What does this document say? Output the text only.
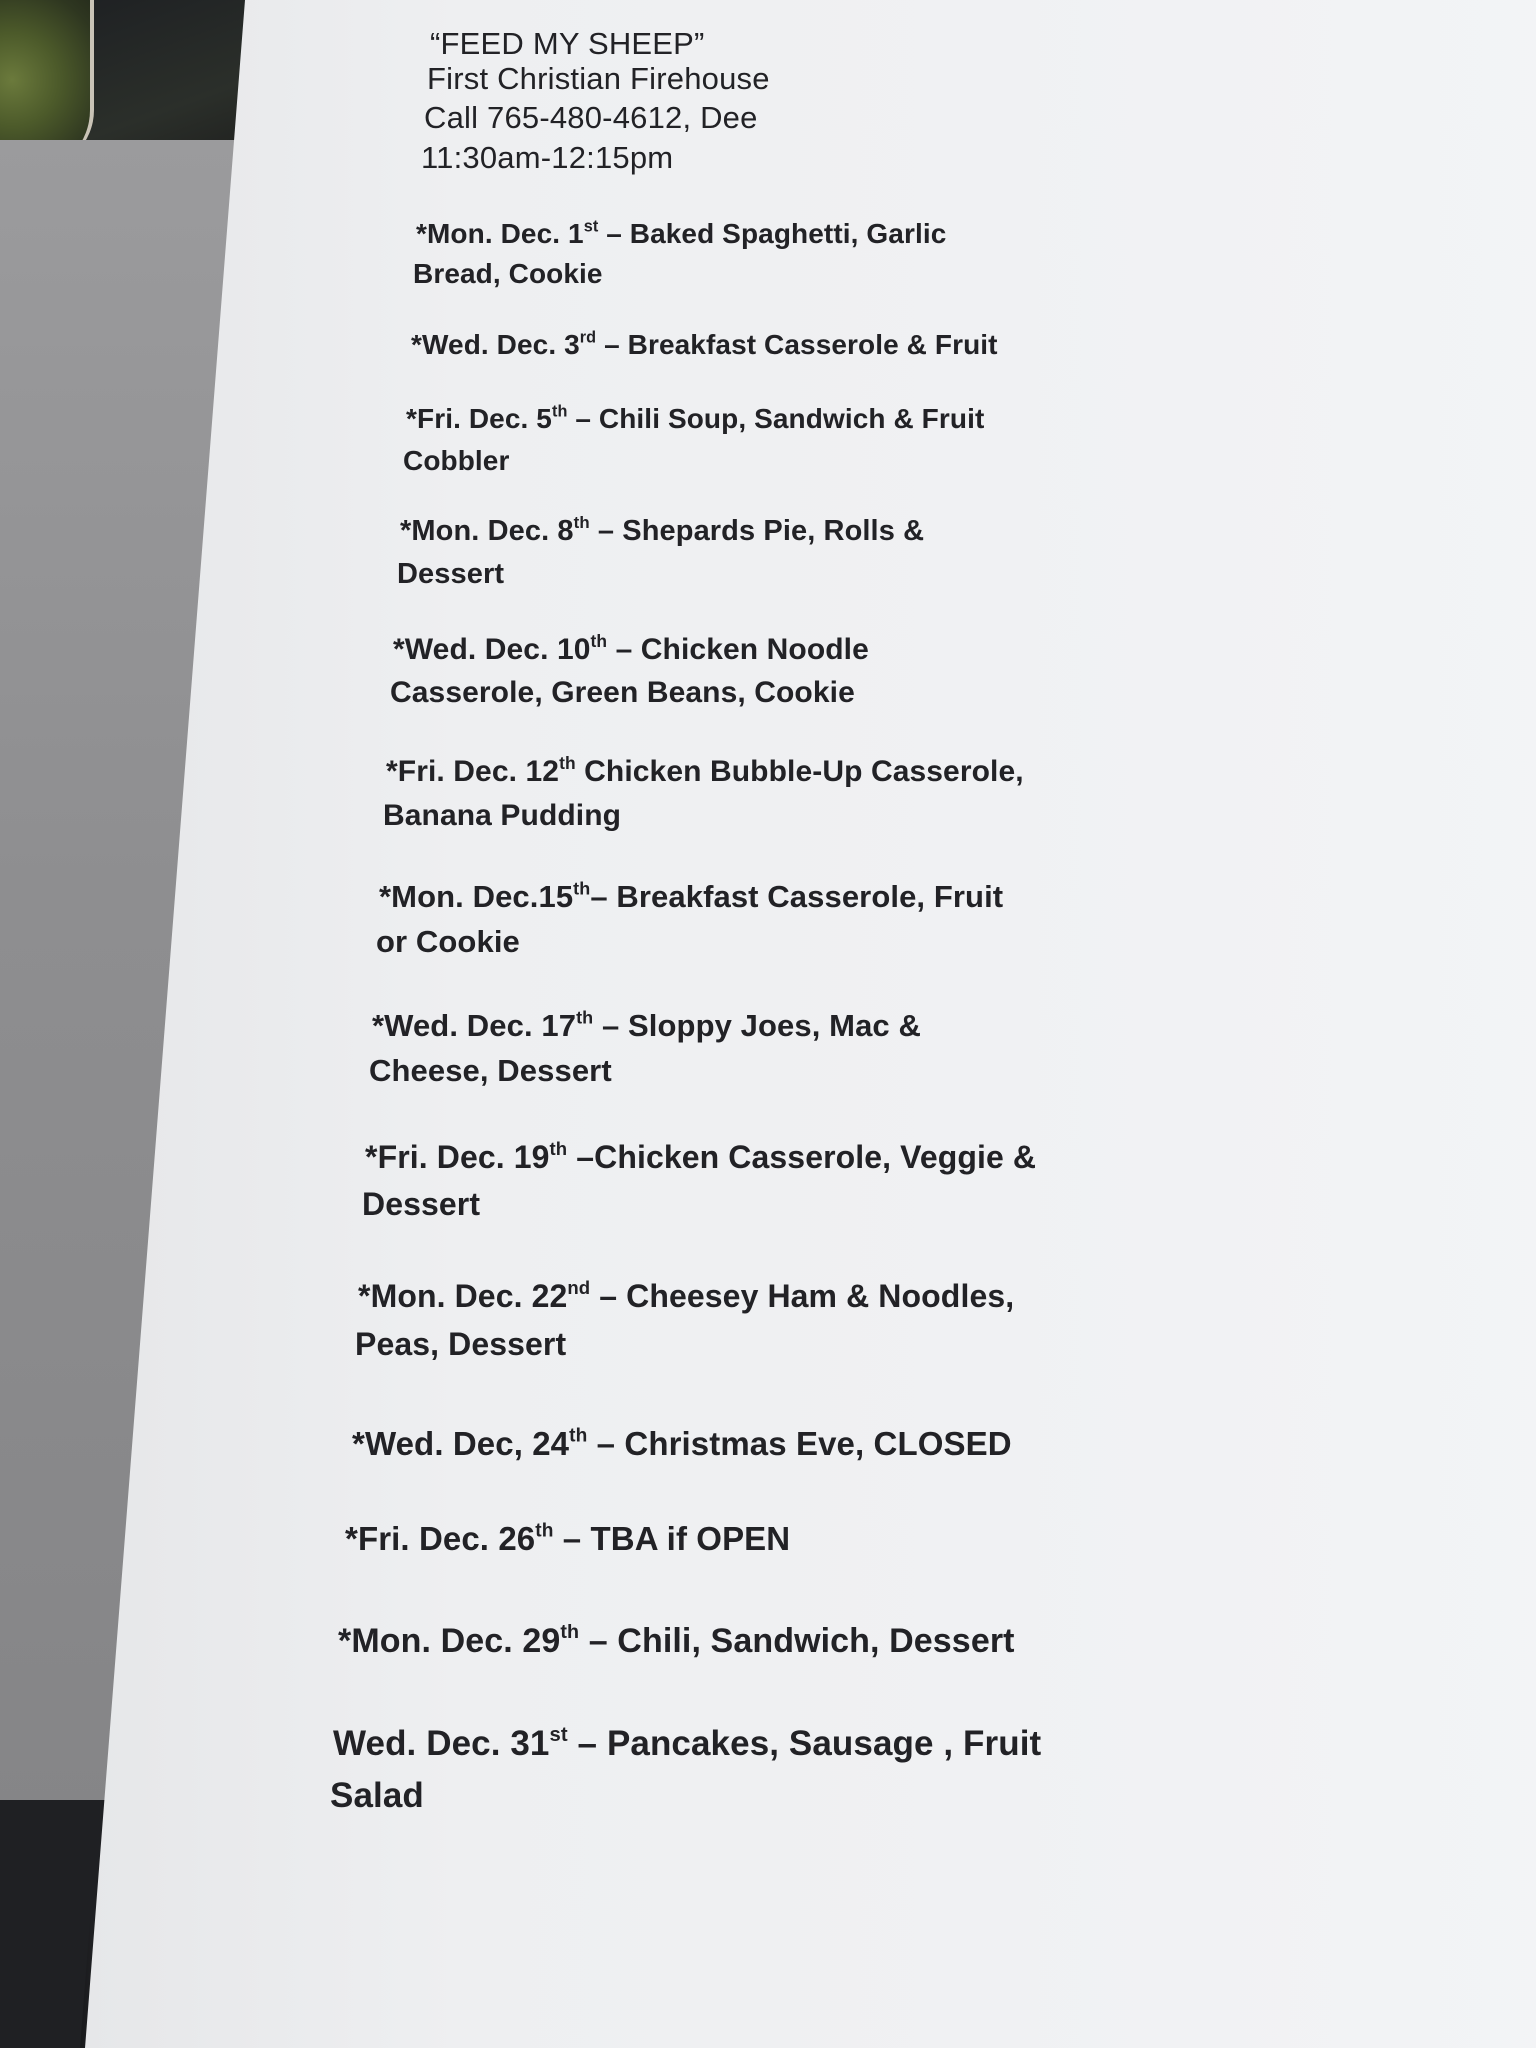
“FEED MY SHEEP”
First Christian Firehouse
Call 765-480-4612, Dee
11:30am-12:15pm
*Mon. Dec. 1st – Baked Spaghetti, Garlic
Bread, Cookie
*Wed. Dec. 3rd – Breakfast Casserole & Fruit
*Fri. Dec. 5th – Chili Soup, Sandwich & Fruit
Cobbler
*Mon. Dec. 8th – Shepards Pie, Rolls &
Dessert
*Wed. Dec. 10th – Chicken Noodle
Casserole, Green Beans, Cookie
*Fri. Dec. 12th Chicken Bubble-Up Casserole,
Banana Pudding
*Mon. Dec.15th– Breakfast Casserole, Fruit
or Cookie
*Wed. Dec. 17th – Sloppy Joes, Mac &
Cheese, Dessert
*Fri. Dec. 19th –Chicken Casserole, Veggie &
Dessert
*Mon. Dec. 22nd – Cheesey Ham & Noodles,
Peas, Dessert
*Wed. Dec, 24th – Christmas Eve, CLOSED
*Fri. Dec. 26th – TBA if OPEN
*Mon. Dec. 29th – Chili, Sandwich, Dessert
Wed. Dec. 31st – Pancakes, Sausage , Fruit
Salad
